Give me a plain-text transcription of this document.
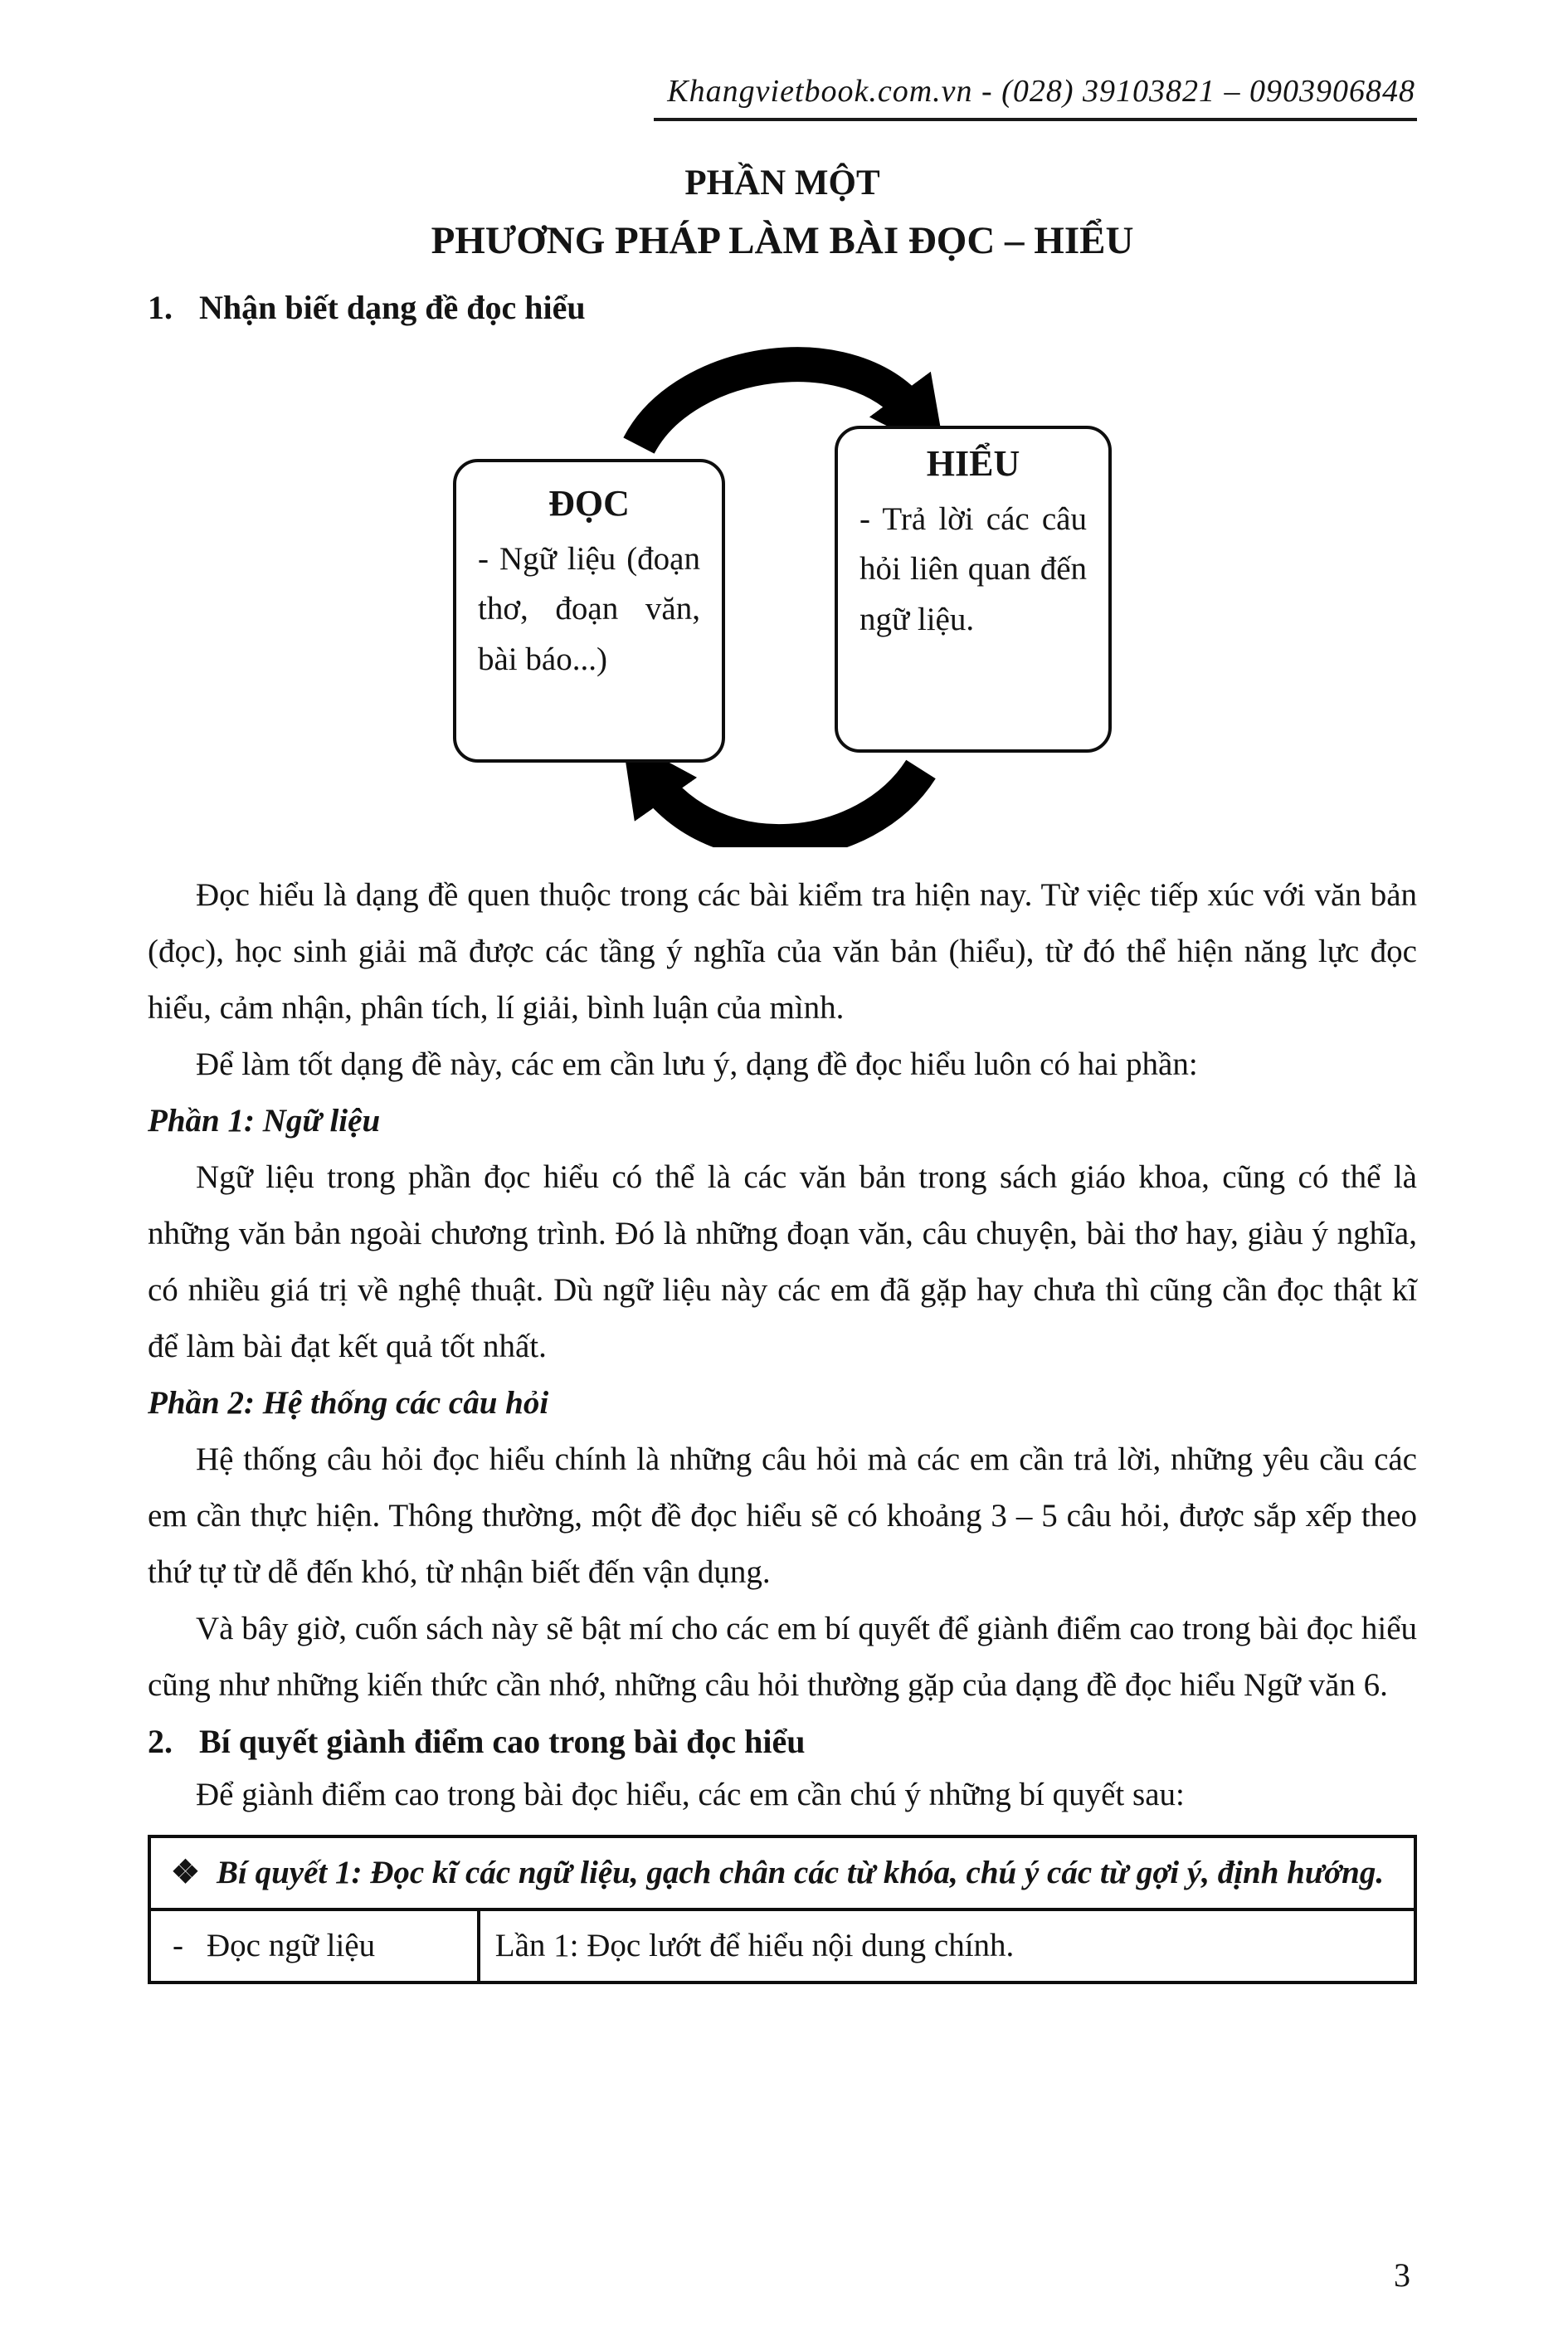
Khangvietbook.com.vn - (028) 39103821 – 0903906848
PHẦN MỘT
PHƯƠNG PHÁP LÀM BÀI ĐỌC – HIỂU
1. Nhận biết dạng đề đọc hiểu
ĐỌC
- Ngữ liệu (đoạn thơ, đoạn văn, bài báo...)
HIỂU
- Trả lời các câu hỏi liên quan đến ngữ liệu.

Đọc hiểu là dạng đề quen thuộc trong các bài kiểm tra hiện nay. Từ việc tiếp xúc với văn bản (đọc), học sinh giải mã được các tầng ý nghĩa của văn bản (hiểu), từ đó thể hiện năng lực đọc hiểu, cảm nhận, phân tích, lí giải, bình luận của mình.

Để làm tốt dạng đề này, các em cần lưu ý, dạng đề đọc hiểu luôn có hai phần:

Phần 1: Ngữ liệu

Ngữ liệu trong phần đọc hiểu có thể là các văn bản trong sách giáo khoa, cũng có thể là những văn bản ngoài chương trình. Đó là những đoạn văn, câu chuyện, bài thơ hay, giàu ý nghĩa, có nhiều giá trị về nghệ thuật. Dù ngữ liệu này các em đã gặp hay chưa thì cũng cần đọc thật kĩ để làm bài đạt kết quả tốt nhất.

Phần 2: Hệ thống các câu hỏi

Hệ thống câu hỏi đọc hiểu chính là những câu hỏi mà các em cần trả lời, những yêu cầu các em cần thực hiện. Thông thường, một đề đọc hiểu sẽ có khoảng 3 – 5 câu hỏi, được sắp xếp theo thứ tự từ dễ đến khó, từ nhận biết đến vận dụng.

Và bây giờ, cuốn sách này sẽ bật mí cho các em bí quyết để giành điểm cao trong bài đọc hiểu cũng như những kiến thức cần nhớ, những câu hỏi thường gặp của dạng đề đọc hiểu Ngữ văn 6.

2. Bí quyết giành điểm cao trong bài đọc hiểu

Để giành điểm cao trong bài đọc hiểu, các em cần chú ý những bí quyết sau:

❖ Bí quyết 1: Đọc kĩ các ngữ liệu, gạch chân các từ khóa, chú ý các từ gợi ý, định hướng.
- Đọc ngữ liệu	Lần 1: Đọc lướt để hiểu nội dung chính.
3
